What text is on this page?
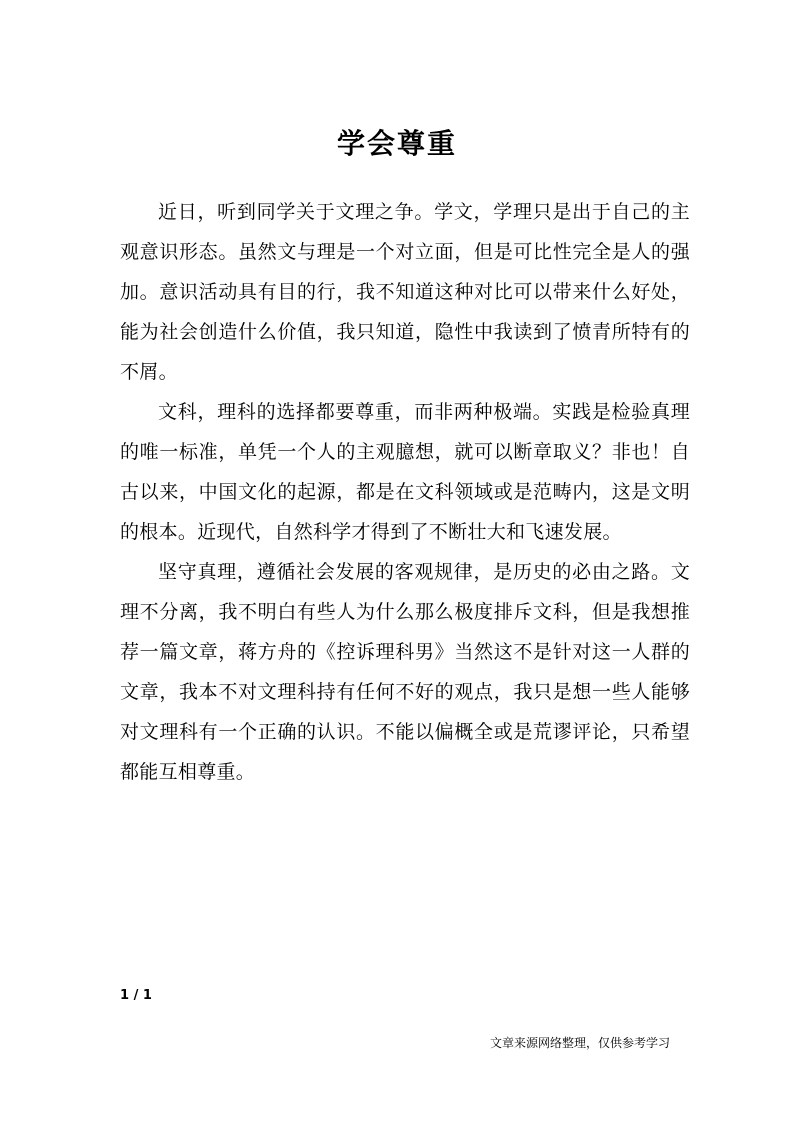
学会尊重

近日，听到同学关于文理之争。学文，学理只是出于自己的主观意识形态。虽然文与理是一个对立面，但是可比性完全是人的强加。意识活动具有目的行，我不知道这种对比可以带来什么好处，能为社会创造什么价值，我只知道，隐性中我读到了愤青所特有的不屑。

文科，理科的选择都要尊重，而非两种极端。实践是检验真理的唯一标准，单凭一个人的主观臆想，就可以断章取义？非也！自古以来，中国文化的起源，都是在文科领域或是范畴内，这是文明的根本。近现代，自然科学才得到了不断壮大和飞速发展。

坚守真理，遵循社会发展的客观规律，是历史的必由之路。文理不分离，我不明白有些人为什么那么极度排斥文科，但是我想推荐一篇文章，蒋方舟的《控诉理科男》当然这不是针对这一人群的文章，我本不对文理科持有任何不好的观点，我只是想一些人能够对文理科有一个正确的认识。不能以偏概全或是荒谬评论，只希望都能互相尊重。

1 / 1
文章来源网络整理，仅供参考学习
